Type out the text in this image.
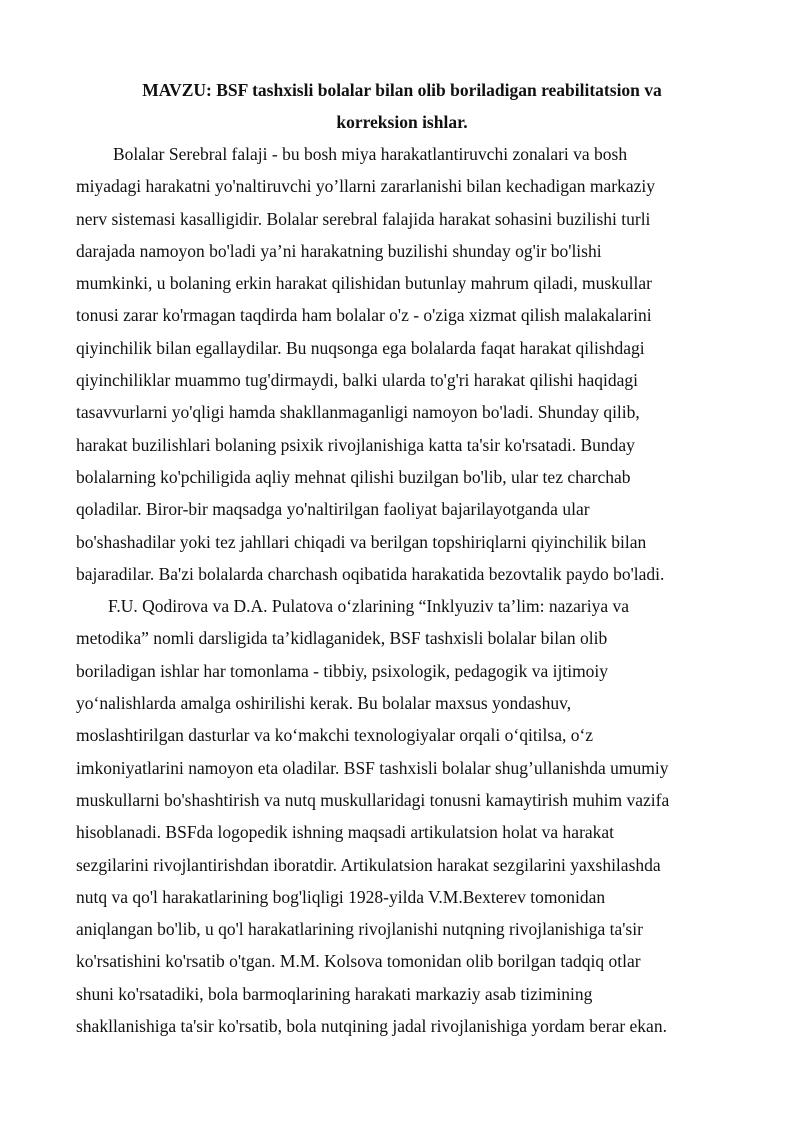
MAVZU: BSF tashxisli bolalar bilan olib boriladigan reabilitatsion va
korreksion ishlar.
Bolalar Serebral falaji - bu bosh miya harakatlantiruvchi zonalari va bosh
miyadagi harakatni yo'naltiruvchi yo’llarni zararlanishi bilan kechadigan markaziy
nerv sistemasi kasalligidir. Bolalar serebral falajida harakat sohasini buzilishi turli
darajada namoyon bo'ladi ya’ni harakatning buzilishi shunday og'ir bo'lishi
mumkinki, u bolaning erkin harakat qilishidan butunlay mahrum qiladi, muskullar
tonusi zarar ko'rmagan taqdirda ham bolalar o'z - o'ziga xizmat qilish malakalarini
qiyinchilik bilan egallaydilar. Bu nuqsonga ega bolalarda faqat harakat qilishdagi
qiyinchiliklar muammo tug'dirmaydi, balki ularda to'g'ri harakat qilishi haqidagi
tasavvurlarni yo'qligi hamda shakllanmaganligi namoyon bo'ladi. Shunday qilib,
harakat buzilishlari bolaning psixik rivojlanishiga katta ta'sir ko'rsatadi. Bunday
bolalarning ko'pchiligida aqliy mehnat qilishi buzilgan bo'lib, ular tez charchab
qoladilar. Biror-bir maqsadga yo'naltirilgan faoliyat bajarilayotganda ular
bo'shashadilar yoki tez jahllari chiqadi va berilgan topshiriqlarni qiyinchilik bilan
bajaradilar. Ba'zi bolalarda charchash oqibatida harakatida bezovtalik paydo bo'ladi.
F.U. Qodirova va D.A. Pulatova o‘zlarining “Inklyuziv ta’lim: nazariya va
metodika” nomli darsligida ta’kidlaganidek, BSF tashxisli bolalar bilan olib
boriladigan ishlar har tomonlama - tibbiy, psixologik, pedagogik va ijtimoiy
yo‘nalishlarda amalga oshirilishi kerak. Bu bolalar maxsus yondashuv,
moslashtirilgan dasturlar va ko‘makchi texnologiyalar orqali o‘qitilsa, o‘z
imkoniyatlarini namoyon eta oladilar. BSF tashxisli bolalar shug’ullanishda umumiy
muskullarni bo'shashtirish va nutq muskullaridagi tonusni kamaytirish muhim vazifa
hisoblanadi. BSFda logopedik ishning maqsadi artikulatsion holat va harakat
sezgilarini rivojlantirishdan iboratdir. Artikulatsion harakat sezgilarini yaxshilashda
nutq va qo'l harakatlarining bog'liqligi 1928-yilda V.M.Bexterev tomonidan
aniqlangan bo'lib, u qo'l harakatlarining rivojlanishi nutqning rivojlanishiga ta'sir
ko'rsatishini ko'rsatib o'tgan. M.M. Kolsova tomonidan olib borilgan tadqiq otlar
shuni ko'rsatadiki, bola barmoqlarining harakati markaziy asab tizimining
shakllanishiga ta'sir ko'rsatib, bola nutqining jadal rivojlanishiga yordam berar ekan.
